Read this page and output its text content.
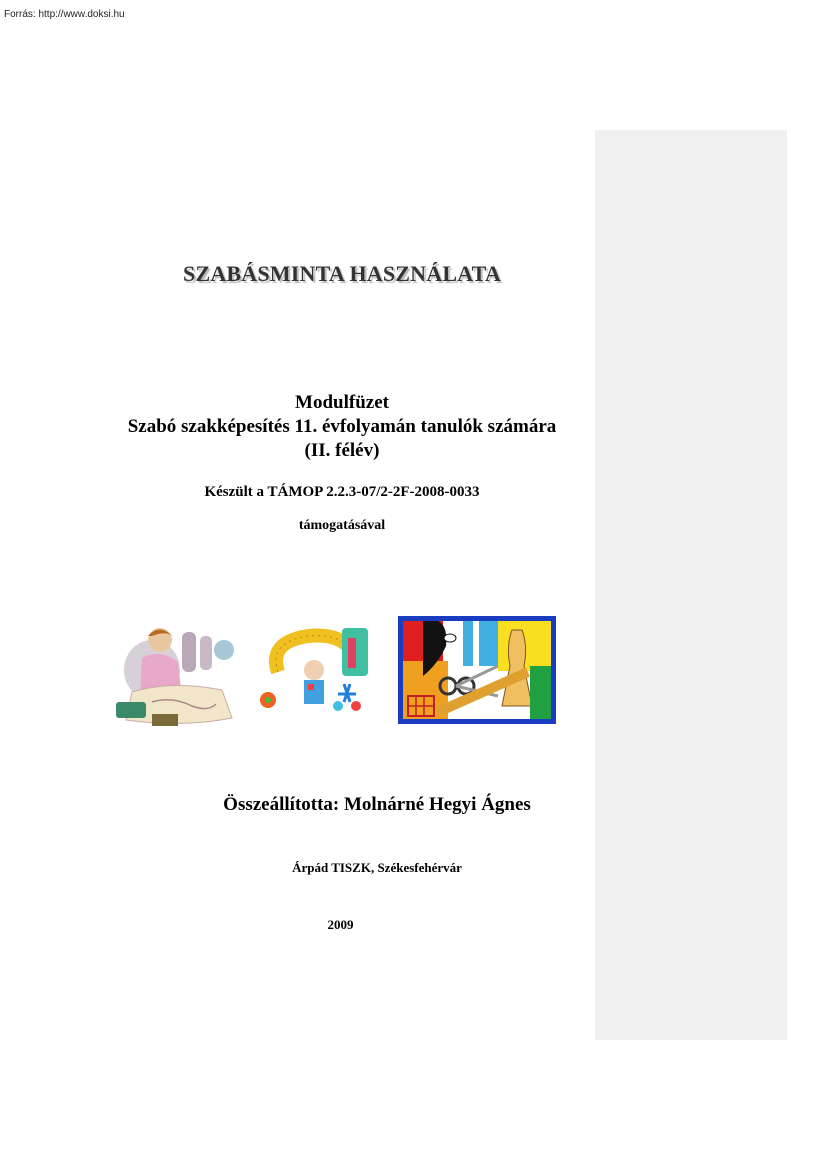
Forrás: http://www.doksi.hu
SZABÁSMINTA HASZNÁLATA
Modulfüzet
Szabó szakképesítés 11. évfolyamán tanulók számára
(II. félév)
Készült a TÁMOP 2.2.3-07/2-2F-2008-0033
támogatásával
Összeállította: Molnárné Hegyi Ágnes
Árpád TISZK, Székesfehérvár
2009
